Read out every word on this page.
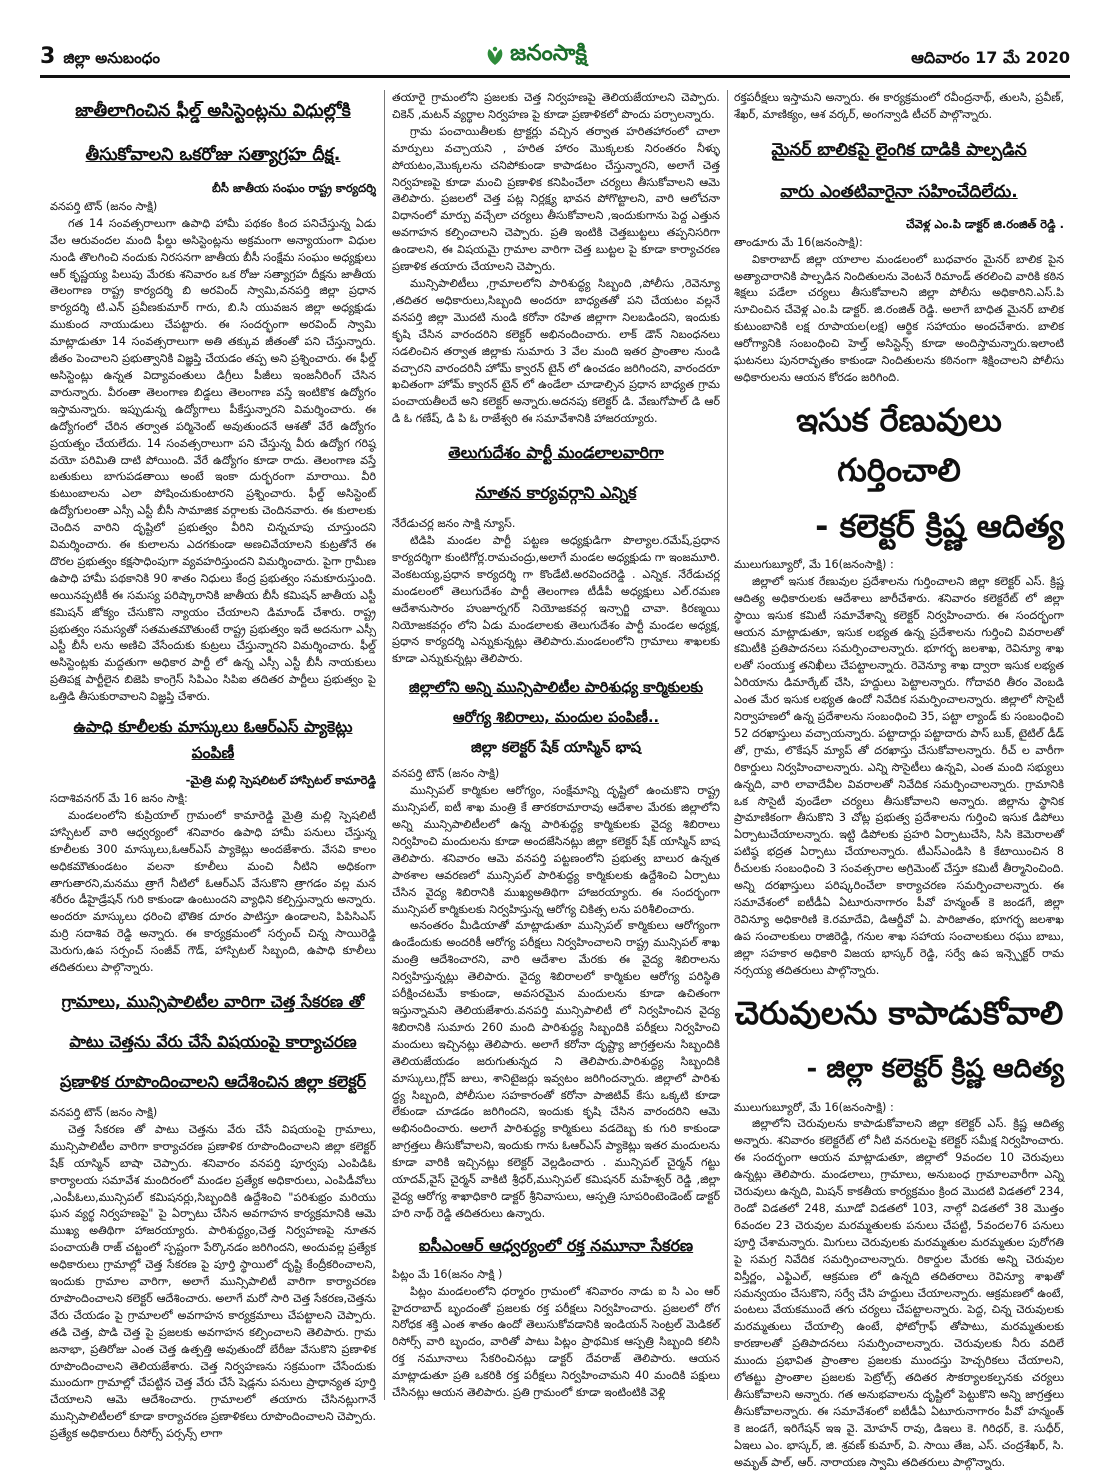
3 జిల్లా అనుబంధం	జనంసాక్షి	ఆదివారం 17 మే 2020
జాతీలాగించిన ఫీల్డ్ అసిస్టెంట్లను విధుల్లోకి
తీసుకోవాలని ఒకరోజు సత్యాగ్రహ దీక్ష.

బీసీ జాతీయ సంఘం రాష్ట్ర కార్యదర్శి

వనపర్తి టౌన్ (జనం సాక్షి)

గత 14 సంవత్సరాలుగా ఉపాధి హామీ పథకం కింద పనిచేస్తున్న ఏడు వేల ఆరువందల మంది ఫీల్డు అసిస్టెంట్లను అక్రమంగా అన్యాయంగా విధుల నుండి తొలగించి నందుకు నిరసనగా జాతీయ బీసీ సంక్షేమ సంఘం అధ్యక్షులు ఆర్ కృష్ణయ్య పిలుపు మేరకు శనివారం ఒక రోజు సత్యాగ్రహ దీక్షను జాతీయ తెలంగాణ రాష్ట్ర కార్యదర్శి బి అరవింద్ స్వామి,వనపర్తి జిల్లా ప్రధాన కార్యదర్శి టి.ఎన్ ప్రవీణకుమార్ గారు, బి.సి యువజన జిల్లా అధ్యక్షుడు ముకుంద నాయుడులు చేపట్టారు. ఈ సందర్భంగా అరవింద్ స్వామి మాట్లాడుతూ 14 సంవత్సరాలుగా అతి తక్కువ జీతంతో పని చేస్తున్నారు. జీతం పెంచాలని ప్రభుత్వానికి విజ్ఞప్తి చేయడం తప్ప అని ప్రశ్నించారు. ఈ ఫీల్డ్ అసిస్టెంట్లు ఉన్నత విద్యావంతులు డిగ్రీలు పీజీలు ఇంజనీరింగ్ చేసిన వారున్నారు. వీరంతా తెలంగాణ బిడ్డలు తెలంగాణ వస్తే ఇంటికొక ఉద్యోగం ఇస్తామన్నారు. ఇప్పుడున్న ఉద్యోగాలు పీకేస్తున్నారని విమర్శించారు. ఈ ఉద్యోగంలో చేరిన తర్వాత పర్మినెంట్ అవుతుందనే ఆశతో వేరే ఉద్యోగం ప్రయత్నం చేయలేదు. 14 సంవత్సరాలుగా పని చేస్తున్న వీరు ఉద్యోగ గరిష్ఠ వయో పరిమితి దాటి పోయింది. వేరే ఉద్యోగం కూడా రాదు. తెలంగాణ వస్తే బతుకులు బాగుపడతాయి అంటే ఇంకా దుర్భరంగా మారాయి. వీరి కుటుంబాలను ఎలా పోషించుకుంటారని ప్రశ్నించారు. ఫీల్డ్ అసిస్టెంట్ ఉద్యోగులంతా ఎస్సీ ఎస్టీ బీసీ సామాజిక వర్గాలకు చెందినవారు. ఈ కులాలకు చెందిన వారిని దృష్టిలో ప్రభుత్వం వీరిని చిన్నచూపు చూస్తుందని విమర్శించారు. ఈ కులాలను ఎదగకుండా అణచివేయాలని కుట్రతోనే ఈ దొరల ప్రభుత్వం కక్షసాధింపుగా వ్యవహరిస్తుందని విమర్శించారు. పైగా గ్రామీణ ఉపాధి హామీ పథకానికి 90 శాతం నిధులు కేంద్ర ప్రభుత్వం సమకూరుస్తుంది. అయినప్పటికీ ఈ సమస్య పరిష్కారానికి జాతీయ బీసీ కమిషన్ జాతీయ ఎస్టీ కమిషన్ జోక్యం చేసుకొని న్యాయం చేయాలని డిమాండ్ చేశారు. రాష్ట్ర ప్రభుత్వం సమస్యతో సతమతమౌతుంటే రాష్ట్ర ప్రభుత్వం ఇదే అదనుగా ఎస్సీ ఎస్టీ బీసీ లను అణిచి వేసేందుకు కుట్రలు చేస్తున్నారని విమర్శించారు. ఫీల్డ్ అసిస్టెంట్లకు మద్దతుగా అధికార పార్టీ లో ఉన్న ఎస్సీ ఎస్టీ బీసీ నాయకులు ప్రతిపక్ష పార్టీలైన బిజెపి కాంగ్రెస్ సిపిఎం సిపిఐ తదితర పార్టీలు ప్రభుత్వం పై ఒత్తిడి తీసుకురావాలని విజ్ఞప్తి చేశారు.

ఉపాధి కూలీలకు మాస్కులు ఓఆర్ఎస్ ప్యాకెట్లు పంపిణీ

-మైత్రి మల్లి స్పెషలిటల్ హాస్పిటల్ కామారెడ్డి

సదాశివనగర్ మే 16 జనం సాక్షి:

మండలంలోని కుప్రియాల్ గ్రామంలో కామారెడ్డి మైత్రి మల్లి స్పెషలిటీ హాస్పిటల్ వారి ఆధ్వర్యంలో శనివారం ఉపాధి హామీ పనులు చేస్తున్న కూలీలకు 300 మాస్కులు,ఓఆర్ఎస్ ప్యాకెట్లు అందజేశారు. వేసవి కాలం అధికమౌతుండటం వలనా కూలీలు మంచి నీటిని అధికంగా తాగుతారని,మనము త్రాగే నీటిలో ఓఆర్ఎస్ వేసుకొని త్రాగడం వల్ల మన శరీరం డీహైడ్రేషన్ గురి కాకుండా ఉంటుందని వ్యాధిని కల్పిస్తున్నారు అన్నారు. అందరూ మాస్కులు ధరించి భౌతిక దూరం పాటిస్తూ ఉండాలని, పిపిసిఎస్ మర్రి సదాశివ రెడ్డి అన్నారు. ఈ కార్యక్రమంలో సర్పంచ్ చిన్న సాయిరెడ్డి మెరుగు,ఉప సర్పంచ్ సంజీవ్ గౌడ్, హాస్పిటల్ సిబ్బంది, ఉపాధి కూలీలు తదితరులు పాల్గొన్నారు.

గ్రామాలు, మున్సిపాలిటీల వారిగా చెత్త సేకరణ తో
పాటు చెత్తను వేరు చేసే విషయంపై కార్యాచరణ
ప్రణాళిక రూపొందించాలని ఆదేశించిన జిల్లా కలెక్టర్

వనపర్తి టౌన్ (జనం సాక్షి)

చెత్త సేకరణ తో పాటు చెత్తను వేరు చేసే విషయంపై గ్రామాలు, మున్సిపాలిటీల వారిగా కార్యాచరణ ప్రణాళిక రూపొందించాలని జిల్లా కలెక్టర్ షేక్ యాస్మిన్ బాషా చెప్పారు. శనివారం వనపర్తి పూర్వపు ఎంపిడిఓ కార్యాలయ సమావేశ మందిరంలో మండల ప్రత్యేక అధికారులు, ఎంపిడీవోలు ,ఎంపీఓలు,మున్సిపల్ కమిషనర్లు,సిబ్బందికి ఉద్దేశించి "పరిశుభ్రం మరియు ఘన వ్యర్థ నిర్వహణపై" పై ఏర్పాటు చేసిన అవగాహన కార్యక్రమానికి ఆమె ముఖ్య అతిథిగా హాజరయ్యారు. పారిశుద్ధ్యం,చెత్త నిర్వహణపై నూతన పంచాయతీ రాజ్ చట్టంలో స్పష్టంగా పేర్కొనడం జరిగిందని, అందువల్ల ప్రత్యేక అధికారులు గ్రామాల్లో చెత్త సేకరణ పై పూర్తి స్థాయిలో దృష్టి కేంద్రీకరించాలని, ఇందుకు గ్రామాల వారిగా, అలాగే మున్సిపాలిటీ వారిగా కార్యాచరణ రూపొందించాలని కలెక్టర్ ఆదేశించారు. అలాగే మరో సారి చెత్త సేకరణ,చెత్తను వేరు చేయడం పై గ్రామాలలో అవగాహన కార్యక్రమాలు చేపట్టాలని చెప్పారు. తడి చెత్త, పొడి చెత్త పై ప్రజలకు అవగాహన కల్పించాలని తెలిపారు. గ్రామ జనాభా, ప్రతిరోజు ఎంత చెత్త ఉత్పత్తి అవుతుందో బేరీజు వేసుకొని ప్రణాళిక రూపొందించాలని తెలియజేశారు. చెత్త నిర్వహణను సక్రమంగా చేసేందుకు ముందుగా గ్రామాల్లో చేపట్టిన చెత్త వేరు చేసే షెడ్లను పనులు ప్రాధాన్యత పూర్తి చేయాలని ఆమె ఆదేశించారు. గ్రామాలలో తయారు చేసినట్లుగానే మున్సిపాలిటీలలో కూడా కార్యాచరణ ప్రణాళికలు రూపొందించాలని చెప్పారు. ప్రత్యేక అధికారులు రీసోర్స్ పర్సన్స్ లాగా

తయారై గ్రామంలోని ప్రజలకు చెత్త నిర్వహణపై తెలియజేయాలని చెప్పారు. చికెన్ ,మటన్ వ్యర్థాల నిర్వహణ పై కూడా ప్రణాళికలో పొందు పర్చాలన్నారు.

గ్రామ పంచాయితీలకు ట్రాక్టర్లు వచ్చిన తర్వాత హరితహారంలో చాలా మార్పులు వచ్చాయని , హరిత హారం మొక్కలకు నిరంతరం నీళ్ళు పోయటం,మొక్కలను చనిపోకుండా కాపాడటం చేస్తున్నారని, అలాగే చెత్త నిర్వహణపై కూడా మంచి ప్రణాళిక కనిపించేలా చర్యలు తీసుకోవాలని ఆమె తెలిపారు. ప్రజలలో చెత్త పట్ల నిర్లక్ష్య భావన పోగొట్టాలని, వారి ఆలోచనా విధానంలో మార్పు వచ్చేలా చర్యలు తీసుకోవాలని ,ఇందుకుగాను పెద్ద ఎత్తున అవగాహన కల్పించాలని చెప్పారు. ప్రతి ఇంటికి చెత్తబుట్టలు తప్పనిసరిగా ఉండాలని, ఈ విషయమై గ్రామాల వారిగా చెత్త బుట్టల పై కూడా కార్యాచరణ ప్రణాళిక తయారు చేయాలని చెప్పారు.

మున్సిపాలిటీలు ,గ్రామాలలోని పారిశుద్ధ్య సిబ్బంది ,పోలీసు ,రెవెన్యూ ,తదితర అధికారులు,సిబ్బంది అందరూ బాధ్యతతో పని చేయటం వల్లనే వనపర్తి జిల్లా మొదటి నుండి కరోనా రహిత జిల్లాగా నిలబడిందని, ఇందుకు కృషి చేసిన వారందరిని కలెక్టర్ అభినందించారు. లాక్ డౌన్ నిబంధనలు సడలించిన తర్వాత జిల్లాకు సుమారు 3 వేల మంది ఇతర ప్రాంతాల నుండి వచ్చారని వారందరినీ హోమ్ క్వారన్ టైన్ లో ఉంచడం జరిగిందని, వారందరూ ఖచితంగా హోమ్ క్వారన్ టైన్ లో ఉండేలా చూడాల్సిన ప్రధాన బాధ్యత గ్రామ పంచాయతీలదే అని కలెక్టర్ అన్నారు.అదనపు కలెక్టర్ డి. వేణుగోపాల్ డి ఆర్ డి ఓ గణేష్, డి పి ఓ రాజేశ్వరి ఈ సమావేశానికి హాజరయ్యారు.

తెలుగుదేశం పార్టీ మండలాలవారిగా
నూతన కార్యవర్గాని ఎన్నిక

నేరేడుచర్ల జనం సాక్షి న్యూస్.

టిడిపి మండల పార్టీ పట్టణ అధ్యక్షుడిగా పొల్యాల.రమేష్,ప్రధాన కార్యదర్శిగా కుంటిగోర్ల.రామచంద్రు,అలాగే మండల అధ్యక్షుడు గా ఇంజమూరి. వెంకటయ్య,ప్రధాన కార్యదర్శి గా కొండేటి.అరవిందరెడ్డి . ఎన్నిక. నేరేడుచర్ల మండలంలో తెలుగుదేశం పార్టీ తెలంగాణ టీడీపీ అధ్యక్షులు ఎల్.రమణ ఆదేశానుసారం హుజూర్నగర్ నియోజకవర్గ ఇన్చార్జి చావా. కిరణ్మయి నియోజకవర్గం లోని ఏడు మండలాలకు తెలుగుదేశం పార్టీ మండల అధ్యక్ష, ప్రధాన కార్యదర్శి ఎన్నుకున్నట్లు తెలిపారు.మండలంలోని గ్రామాలు శాఖలకు కూడా ఎన్నుకున్నట్లు తెలిపారు.

జిల్లాలోని అన్ని మున్సిపాలిటీల పారిశుధ్య కార్మికులకు
ఆరోగ్య శిబిరాలు, మందుల పంపిణీ..
జిల్లా కలెక్టర్ షేక్ యాస్మిన్ భాష

వనపర్తి టౌన్ (జనం సాక్షి)

మున్సిపల్ కార్మికుల ఆరోగ్యం, సంక్షేమాన్ని దృష్టిలో ఉంచుకొని రాష్ట్ర మున్సిపల్, ఐటీ శాఖ మంత్రి కే తారకరామారావు ఆదేశాల మేరకు జిల్లాలోని అన్ని మున్సిపాలిటీలలో ఉన్న పారిశుద్ధ్య కార్మికులకు వైద్య శిబిరాలు నిర్వహించి మందులను కూడా అందజేసినట్లు జిల్లా కలెక్టర్ షేక్ యాస్మిన్ బాష తెలిపారు. శనివారం ఆమె వనపర్తి పట్టణంలోని ప్రభుత్వ బాలుర ఉన్నత పాఠశాల ఆవరణలో మున్సిపల్ పారిశుద్ధ్య కార్మికులకు ఉద్దేశించి ఏర్పాటు చేసిన వైద్య శిబిరానికి ముఖ్యఅతిథిగా హాజరయ్యారు. ఈ సందర్భంగా మున్సిపల్ కార్మికులకు నిర్వహిస్తున్న ఆరోగ్య చికిత్స లను పరిశీలించారు.

అనంతరం మీడియాతో మాట్లాడుతూ మున్సిపల్ కార్మికులు ఆరోగ్యంగా ఉండేందుకు అందరికీ ఆరోగ్య పరీక్షలు నిర్వహించాలని రాష్ట్ర మున్సిపల్ శాఖ మంత్రి ఆదేశించారని, వారి ఆదేశాల మేరకు ఈ వైద్య శిబిరాలను నిర్వహిస్తున్నట్లు తెలిపారు. వైద్య శిబిరాలలో కార్మికుల ఆరోగ్య పరిస్థితి పరీక్షించటమే కాకుండా, అవసరమైన మందులను కూడా ఉచితంగా ఇస్తున్నామని తెలియజేశారు.వనపర్తి మున్సిపాలిటీ లో నిర్వహించిన వైద్య శిబిరానికి సుమారు 260 మంది పారిశుద్ధ్య సిబ్బందికి పరీక్షలు నిర్వహించి మందులు ఇచ్చినట్లు తెలిపారు. అలాగే కరోనా దృష్ట్యా జాగ్రత్తలను సిబ్బందికి తెలియజేయడం జరుగుతున్నద ని తెలిపారు.పారిశుద్ధ్య సిబ్బందికి మాస్కులు,గ్లోవ్ జులు, శానిటైజర్లు ఇవ్వటం జరిగిందన్నారు. జిల్లాలో పారిశు ద్ధ్య సిబ్బంది, పోలీసుల సహకారంతో కరోనా పాజిటివ్ కేసు ఒక్కటి కూడా లేకుండా చూడడం జరిగిందని, ఇందుకు కృషి చేసిన వారందరిని ఆమె అభినందించారు. అలాగే పారిశుద్ధ్య కార్మికులు వడదెబ్బ కు గురి కాకుండా జాగ్రత్తలు తీసుకోవాలని, ఇందుకు గాను ఓఆర్ఎస్ ప్యాకెట్లు ఇతర మందులను కూడా వారికి ఇచ్చినట్లు కలెక్టర్ వెల్లడించారు . మున్సిపల్ చైర్మన్ గట్టు యాదవ్,వైస్ చైర్మన్ వాకిటి శ్రీధర్,మున్సిపల్ కమిషనర్ మహేశ్వర్ రెడ్డి ,జిల్లా వైద్య ఆరోగ్య శాఖాధికారి డాక్టర్ శ్రీనివాసులు, ఆస్పత్రి సూపరింటెండెంట్ డాక్టర్ హరి నాథ్ రెడ్డి తదితరులు ఉన్నారు.

ఐసీఎంఆర్ ఆధ్వర్యంలో రక్త నమూనా సేకరణ

పిట్లం మే 16(జనం సాక్షి )

పిట్లం మండలంలోని ధర్మారం గ్రామంలో శనివారం నాడు ఐ సి ఎం ఆర్ హైదరాబాద్ బృందంతో ప్రజలకు రక్త పరీక్షలు నిర్వహించారు. ప్రజలలో రోగ నిరోధక శక్తి ఎంత శాతం ఉందో తెలుసుకోవడానికి ఇండియన్ సెంట్రల్ మెడికల్ రిసోర్స్ వారి బృందం, వారితో పాటు పిట్లం ప్రాథమిక ఆస్పత్రి సిబ్బంది కలిసి రక్త నమూనాలు సేకరించినట్లు డాక్టర్ దేవరాజ్ తెలిపారు. ఆయన మాట్లాడుతూ ప్రతి ఒకరికి రక్త పరీక్షలు నిర్వహించామని 40 మందికి పక్షులు చేసినట్లు ఆయన తెలిపారు. ప్రతి గ్రామంలో కూడా ఇంటింటికి వెళ్లి

రక్తపరీక్షలు ఇస్తామని అన్నారు. ఈ కార్యక్రమంలో రవీంద్రనాథ్, తులసి, ప్రవీణ్, శేఖర్, మాణిక్యం, ఆశ వర్కర్, అంగన్వాడి టీచర్ పాల్గొన్నారు.

మైనర్ బాలికపై లైంగిక దాడికి పాల్పడిన
వారు ఎంతటివారైనా సహించేదిలేదు.

చేవెళ్ల ఎం.పి డాక్టర్ జి.రంజిత్ రెడ్డి .

తాండూరు మే 16(జనంసాక్షి):

వికారాబాద్ జిల్లా యాలాల మండలంలో బుధవారం మైనర్ బాలిక పైన అత్యాచారానికి పాల్పడిన నిందితులను వెంటనే రిమాండ్ తరలించి వారికి కఠిన శిక్షలు పడేలా చర్యలు తీసుకోవాలని జిల్లా పోలీసు అధికారిని.ఎస్.పి సూచించిన చేవెళ్ల ఎం.పి డాక్టర్. జి.రంజిత్ రెడ్డి. అలాగే బాధిత మైనర్ బాలిక కుటుంబానికి లక్ష రూపాయల(లక్ష) ఆర్థిక సహాయం అందచేశారు. బాలిక ఆరోగ్యానికి సంబంధించి హెల్త్ అసిస్టెన్స్ కూడా అందిస్తామన్నారు.ఇలాంటి ఘటనలు పునరావృతం కాకుండా నిందితులను కఠినంగా శిక్షించాలని పోలీసు అధికారులను ఆయన కోరడం జరిగింది.

ఇసుక రేణువులు గుర్తించాలి
- కలెక్టర్ క్రిష్ణ ఆదిత్య

ములుగుబ్యూరో, మే 16(జనంసాక్షి) :

జిల్లాలో ఇసుక రేణువుల ప్రదేశాలను గుర్తించాలని జిల్లా కలెక్టర్ ఎస్. క్రిష్ణ ఆదిత్య అధికారులకు ఆదేశాలు జారీచేశారు. శనివారం కలెక్టరేట్ లో జిల్లా స్థాయి ఇసుక కమిటీ సమావేశాన్ని కలెక్టర్ నిర్వహించారు. ఈ సందర్భంగా ఆయన మాట్లాడుతూ, ఇసుక లభ్యత ఉన్న ప్రదేశాలను గుర్తించి వివరాలతో కమిటీకి ప్రతిపాదనలు సమర్పించాలన్నారు. భూగర్భ జలశాఖ, రెవిన్యూ శాఖ లతో సంయుక్త తనిఖీలు చేపట్టాలన్నారు. రెవెన్యూ శాఖ ద్వారా ఇసుక లభ్యత ఏరియాను డిమార్కేట్ చేసి, హద్దులు పెట్టాలన్నారు. గోదావరి తీరం వెంబడి ఎంత మేర ఇసుక లభ్యత ఉందో నివేదిక సమర్పించాలన్నారు. జిల్లాలో సొసైటీ నిర్వాహణలో ఉన్న ప్రదేశాలను సంబంధించి 35, పట్టా ల్యాండ్ కు సంబంధించి 52 దరఖాస్తులు వచ్చాయన్నారు. పట్టాదార్లు పట్టాదారు పాస్ బుక్, టైటిల్ డీడ్ తో, గ్రామ, లొకేషన్ మ్యాప్ తో దరఖాస్తు చేసుకోవాలన్నారు. రీచ్ ల వారీగా రికార్డులు నిర్వహించాలన్నారు. ఎన్ని సొసైటీలు ఉన్నవి, ఎంత మంది సభ్యులు ఉన్నది, వారి లావాదేవీల వివరాలతో నివేదిక సమర్పించాలన్నారు. గ్రామానికి ఒక సొసైటీ వుండేలా చర్యలు తీసుకోవాలని అన్నారు. జిల్లాను స్థానిక ప్రామాణికంగా తీసుకొని 3 చోట్ల ప్రభుత్వ ప్రదేశాలను గుర్తించి ఇసుక డిపోలు ఏర్పాటుచేయాలన్నారు. ఇట్టి డిపోలకు ప్రహరి ఏర్పాటుచేసి, సిసి కెమెరాలతో పటిష్ఠ భద్రత ఏర్పాటు చేయాలన్నారు. టీఎస్ఎండిసి కి కేటాయించిన 8 రీచులకు సంబంధించి 3 సంవత్సరాల అగ్రిమెంట్ చేస్తూ కమిటీ తీర్మానించింది. అన్ని దరఖాస్తులు పరిష్కరించేలా కార్యాచరణ సమర్పించాలన్నారు. ఈ సమావేశంలో ఐటీడీఏ ఏటూరునాగారం పీవో హన్మంత్ కె జండగే, జిల్లా రెవిన్యూ అధికారిణి కె.రమాదేవి, డిఆర్డీవో ఏ. పారిజాతం, భూగర్భ జలశాఖ ఉప సంచాలకులు రాజిరెడ్డి, గనుల శాఖ సహాయ సంచాలకులు రఘు బాబు, జిల్లా సహకార అధికారి విజయ భాస్కర్ రెడ్డి, సర్వే ఉప ఇన్స్పెక్టర్ రామ నర్సయ్య తదితరులు పాల్గొన్నారు.

చెరువులను కాపాడుకోవాలి
- జిల్లా కలెక్టర్ క్రిష్ణ ఆదిత్య

ములుగుబ్యూరో, మే 16(జనంసాక్షి) :

జిల్లాలోని చెరువులను కాపాడుకోవాలని జిల్లా కలెక్టర్ ఎస్. క్రిష్ణ ఆదిత్య అన్నారు. శనివారం కలెక్టరేట్ లో నీటి వనరులపై కలెక్టర్ సమీక్ష నిర్వహించారు. ఈ సందర్భంగా ఆయన మాట్లాడుతూ, జిల్లాలో 9వందల 10 చెరువులు ఉన్నట్లు తెలిపారు. మండలాలు, గ్రామాలు, అనుబంధ గ్రామాలవారీగా ఎన్ని చెరువులు ఉన్నది, మిషన్ కాకతీయ కార్యక్రమం క్రింద మొదటి విడతలో 234, రెండో విడతలో 248, మూడో విడతలో 103, నాల్గో విడతలో 38 మొత్తం 6వందల 23 చెరువుల మరమ్మతులకు పనులు చేపట్టి, 5వందల76 పనులు పూర్తి చేశామన్నారు. మిగులు చెరువులకు మరమ్మతుల మరమ్మతుల పురోగతి పై సమగ్ర నివేదిక సమర్పించాలన్నారు. రికార్డుల మేరకు అన్ని చెరువుల విస్తీర్ణం, ఎఫ్టిఎల్, ఆక్రమణ లో ఉన్నది తదితరాలు రెవిన్యూ శాఖతో సమన్వయం చేసుకొని, సర్వే చేసి హద్దులు చేయాలన్నారు. ఆక్రమణలో ఉంటే, పంటలు వేయకముందే తగు చర్యలు చేపట్టాలన్నారు. పెద్ద, చిన్న చెరువులకు మరమ్మతులు చేయాల్సి ఉంటే, ఫోటోగ్రాఫ్ తోపాటు, మరమ్మతులకు కారణాలతో ప్రతిపాదనలు సమర్పించాలన్నారు. చెరువులకు నీరు వదిలే ముందు ప్రభావిత ప్రాంతాల ప్రజలకు ముందస్తు హెచ్చరికలు చేయాలని, లోతట్టు ప్రాంతాల ప్రజలకు పెట్రోల్స్ తదితర సౌకర్యాలకల్పనకు చర్యలు తీసుకోవాలని అన్నారు. గత అనుభవాలను దృష్టిలో పెట్టుకొని అన్ని జాగ్రత్తలు తీసుకోవాలన్నారు. ఈ సమావేశంలో ఐటీడీఏ ఏటూరునాగారం పీవో హన్మంత్ కె జండగే, ఇరిగేషన్ ఇఇ వై. మోహన్ రావు, డిఇలు కె. గిరిధర్, కె. సుధీర్, ఏఇలు ఎం. భాస్కర్, జి. శ్రవణ్ కుమార్, వి. సాయి తేజ, ఎస్. చంద్రశేఖర్, సి. అమృత్ పాల్, ఆర్. నారాయణ స్వామి తదితరులు పాల్గొన్నారు.
